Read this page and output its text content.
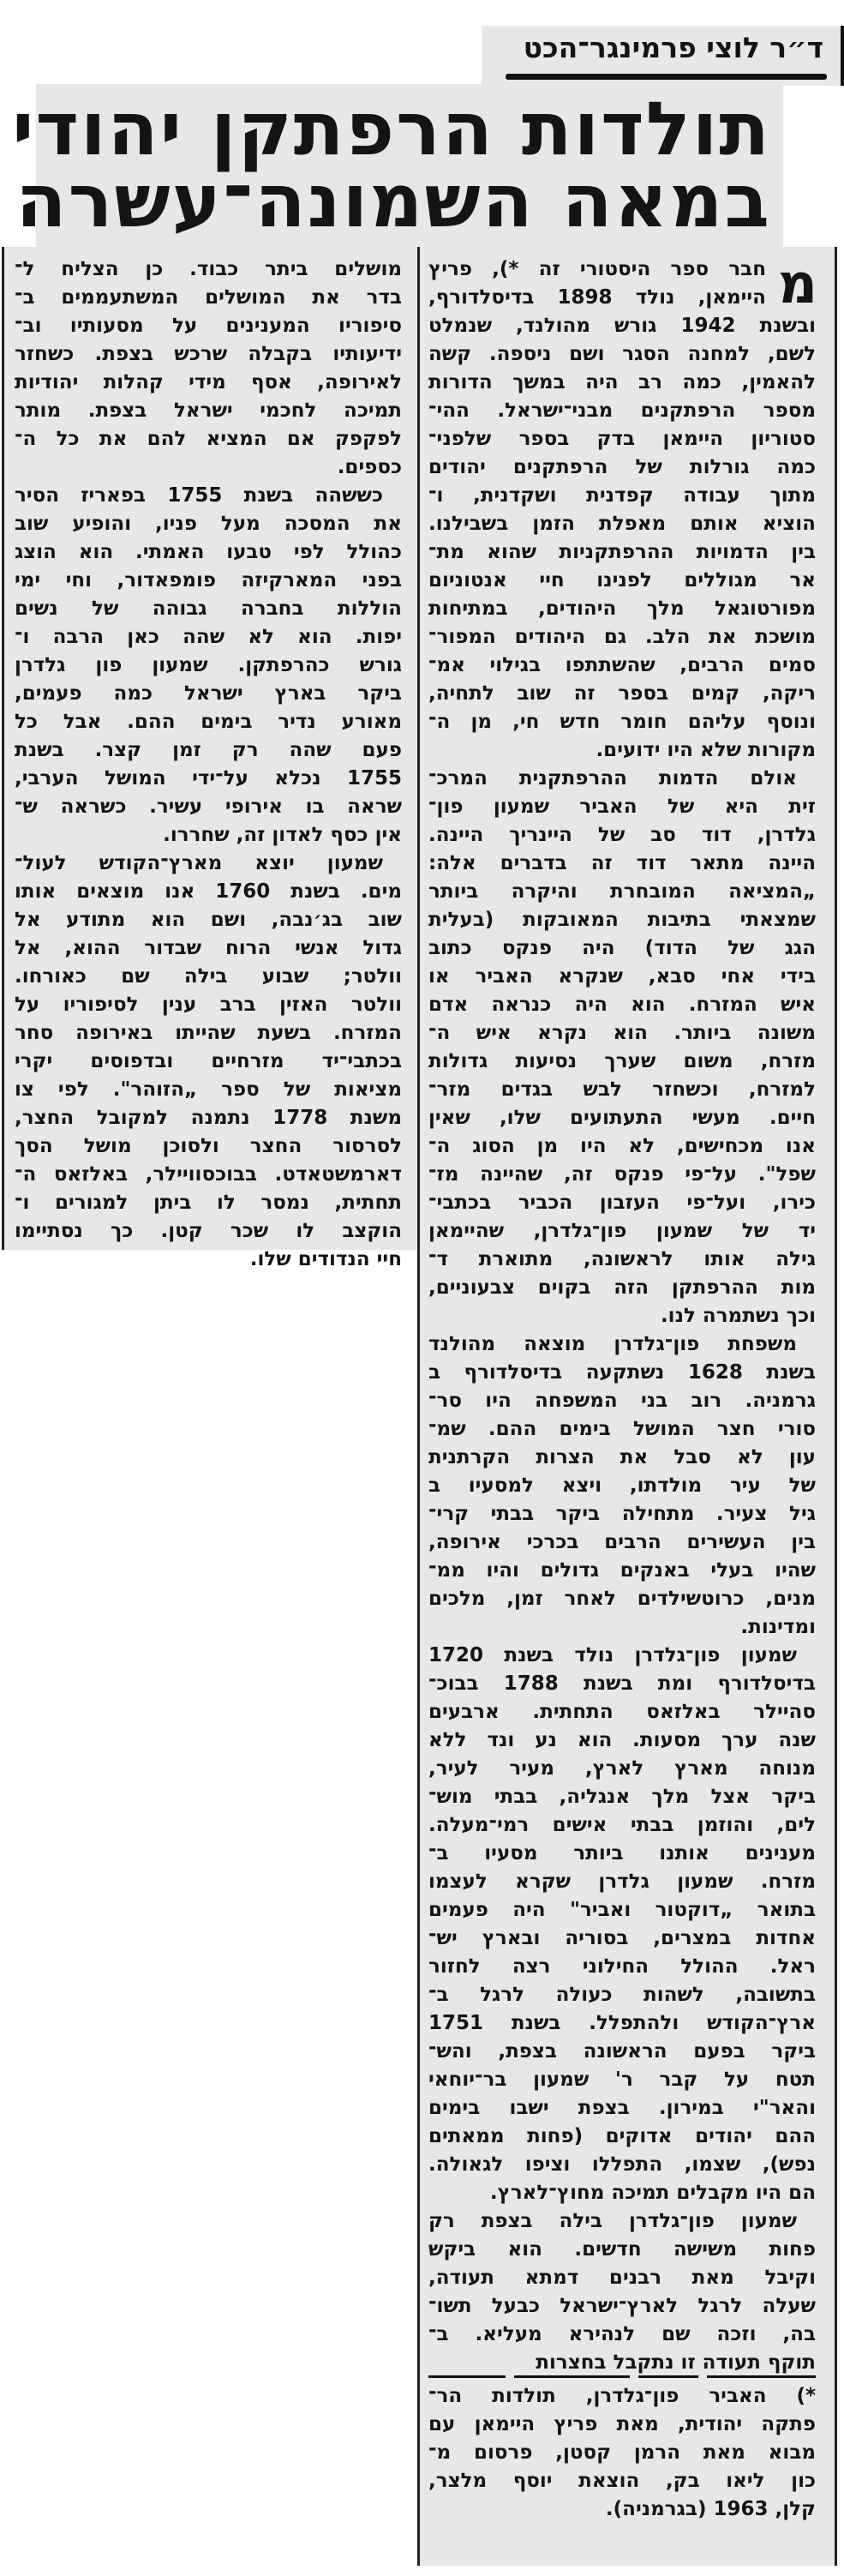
ד״ר לוצי פרמינגר־הכט
תולדות הרפתקן יהודי
במאה השמונה־עשרה
מ
חבר ספר היסטורי זה *), פריץ
היימאן, נולד 1898 בדיסלדורף,
ובשנת 1942 גורש מהולנד, שנמלט
לשם, למחנה הסגר ושם ניספה. קשה
להאמין, כמה רב היה במשך הדורות
מספר הרפתקנים מבני־ישראל. ההי־
סטוריון היימאן בדק בספר שלפני־
כמה גורלות של הרפתקנים יהודים
מתוך עבודה קפדנית ושקדנית, ו־
הוציא אותם מאפלת הזמן בשבילנו.
בין הדמויות ההרפתקניות שהוא מת־
אר מגוללים לפנינו חיי אנטוניום
מפורטוגאל מלך היהודים, במתיחות
מושכת את הלב. גם היהודים המפור־
סמים הרבים, שהשתתפו בגילוי אמ־
ריקה, קמים בספר זה שוב לתחיה,
ונוסף עליהם חומר חדש חי, מן ה־
מקורות שלא היו ידועים.
אולם הדמות ההרפתקנית המרכ־
זית היא של האביר שמעון פון־
גלדרן, דוד סב של היינריך היינה.
היינה מתאר דוד זה בדברים אלה:
„המציאה המובחרת והיקרה ביותר
שמצאתי בתיבות המאובקות (בעלית
הגג של הדוד) היה פנקס כתוב
בידי אחי סבא, שנקרא האביר או
איש המזרח. הוא היה כנראה אדם
משונה ביותר. הוא נקרא איש ה־
מזרח, משום שערך נסיעות גדולות
למזרח, וכשחזר לבש בגדים מזר־
חיים. מעשי התעתועים שלו, שאין
אנו מכחישים, לא היו מן הסוג ה־
שפל". על־פי פנקס זה, שהיינה מז־
כירו, ועל־פי העזבון הכביר בכתבי־
יד של שמעון פון־גלדרן, שהיימאן
גילה אותו לראשונה, מתוארת ד־
מות ההרפתקן הזה בקוים צבעוניים,
וכך נשתמרה לנו.
משפחת פון־גלדרן מוצאה מהולנד
בשנת 1628 נשתקעה בדיסלדורף ב
גרמניה. רוב בני המשפחה היו סר־
סורי חצר המושל בימים ההם. שמ־
עון לא סבל את הצרות הקרתנית
של עיר מולדתו, ויצא למסעיו ב
גיל צעיר. מתחילה ביקר בבתי קרי־
בין העשירים הרבים בכרכי אירופה,
שהיו בעלי באנקים גדולים והיו ממ־
מנים, כרוטשילדים לאחר זמן, מלכים
ומדינות.
שמעון פון־גלדרן נולד בשנת 1720
בדיסלדורף ומת בשנת 1788 בבוכ־
סהיילר באלזאס התחתית. ארבעים
שנה ערך מסעות. הוא נע ונד ללא
מנוחה מארץ לארץ, מעיר לעיר,
ביקר אצל מלך אנגליה, בבתי מוש־
לים, והוזמן בבתי אישים רמי־מעלה.
מענינים אותנו ביותר מסעיו ב־
מזרח. שמעון גלדרן שקרא לעצמו
בתואר „דוקטור ואביר" היה פעמים
אחדות במצרים, בסוריה ובארץ יש־
ראל. ההולל החילוני רצה לחזור
בתשובה, לשהות כעולה לרגל ב־
ארץ־הקודש ולהתפלל. בשנת 1751
ביקר בפעם הראשונה בצפת, והש־
תטח על קבר ר' שמעון בר־יוחאי
והאר"י במירון. בצפת ישבו בימים
ההם יהודים אדוקים (פחות ממאתים
נפש), שצמו, התפללו וציפו לגאולה.
הם היו מקבלים תמיכה מחוץ־לארץ.
שמעון פון־גלדרן בילה בצפת רק
פחות משישה חדשים. הוא ביקש
וקיבל מאת רבנים דמתא תעודה,
שעלה לרגל לארץ־ישראל כבעל תשו־
בה, וזכה שם לנהירא מעליא. ב־
תוקף תעודה זו נתקבל בחצרות
*) האביר פון־גלדרן, תולדות הר־
פתקה יהודית, מאת פריץ היימאן עם
מבוא מאת הרמן קסטן, פרסום מ־
כון ליאו בק, הוצאת יוסף מלצר,
קלן, 1963 (בגרמניה).
מושלים ביתר כבוד. כן הצליח ל־
בדר את המושלים המשתעממים ב־
סיפוריו המענינים על מסעותיו וב־
ידיעותיו בקבלה שרכש בצפת. כשחזר
לאירופה, אסף מידי קהלות יהודיות
תמיכה לחכמי ישראל בצפת. מותר
לפקפק אם המציא להם את כל ה־
כספים.
כששהה בשנת 1755 בפאריז הסיר
את המסכה מעל פניו, והופיע שוב
כהולל לפי טבעו האמתי. הוא הוצג
בפני המארקיזה פומפאדור, וחי ימי
הוללות בחברה גבוהה של נשים
יפות. הוא לא שהה כאן הרבה ו־
גורש כהרפתקן. שמעון פון גלדרן
ביקר בארץ ישראל כמה פעמים,
מאורע נדיר בימים ההם. אבל כל
פעם שהה רק זמן קצר. בשנת
1755 נכלא על־ידי המושל הערבי,
שראה בו אירופי עשיר. כשראה ש־
אין כסף לאדון זה, שחררו.
שמעון יוצא מארץ־הקודש לעול־
מים. בשנת 1760 אנו מוצאים אותו
שוב בג׳נבה, ושם הוא מתודע אל
גדול אנשי הרוח שבדור ההוא, אל
וולטר; שבוע בילה שם כאורחו.
וולטר האזין ברב ענין לסיפוריו על
המזרח. בשעת שהייתו באירופה סחר
בכתבי־יד מזרחיים ובדפוסים יקרי
מציאות של ספר „הזוהר". לפי צו
משנת 1778 נתמנה למקובל החצר,
לסרסור החצר ולסוכן מושל הסך
דארמשטאדט. בבוכסוויילר, באלזאס ה־
תחתית, נמסר לו ביתן למגורים ו־
הוקצב לו שכר קטן. כך נסתיימו
חיי הנדודים שלו.
